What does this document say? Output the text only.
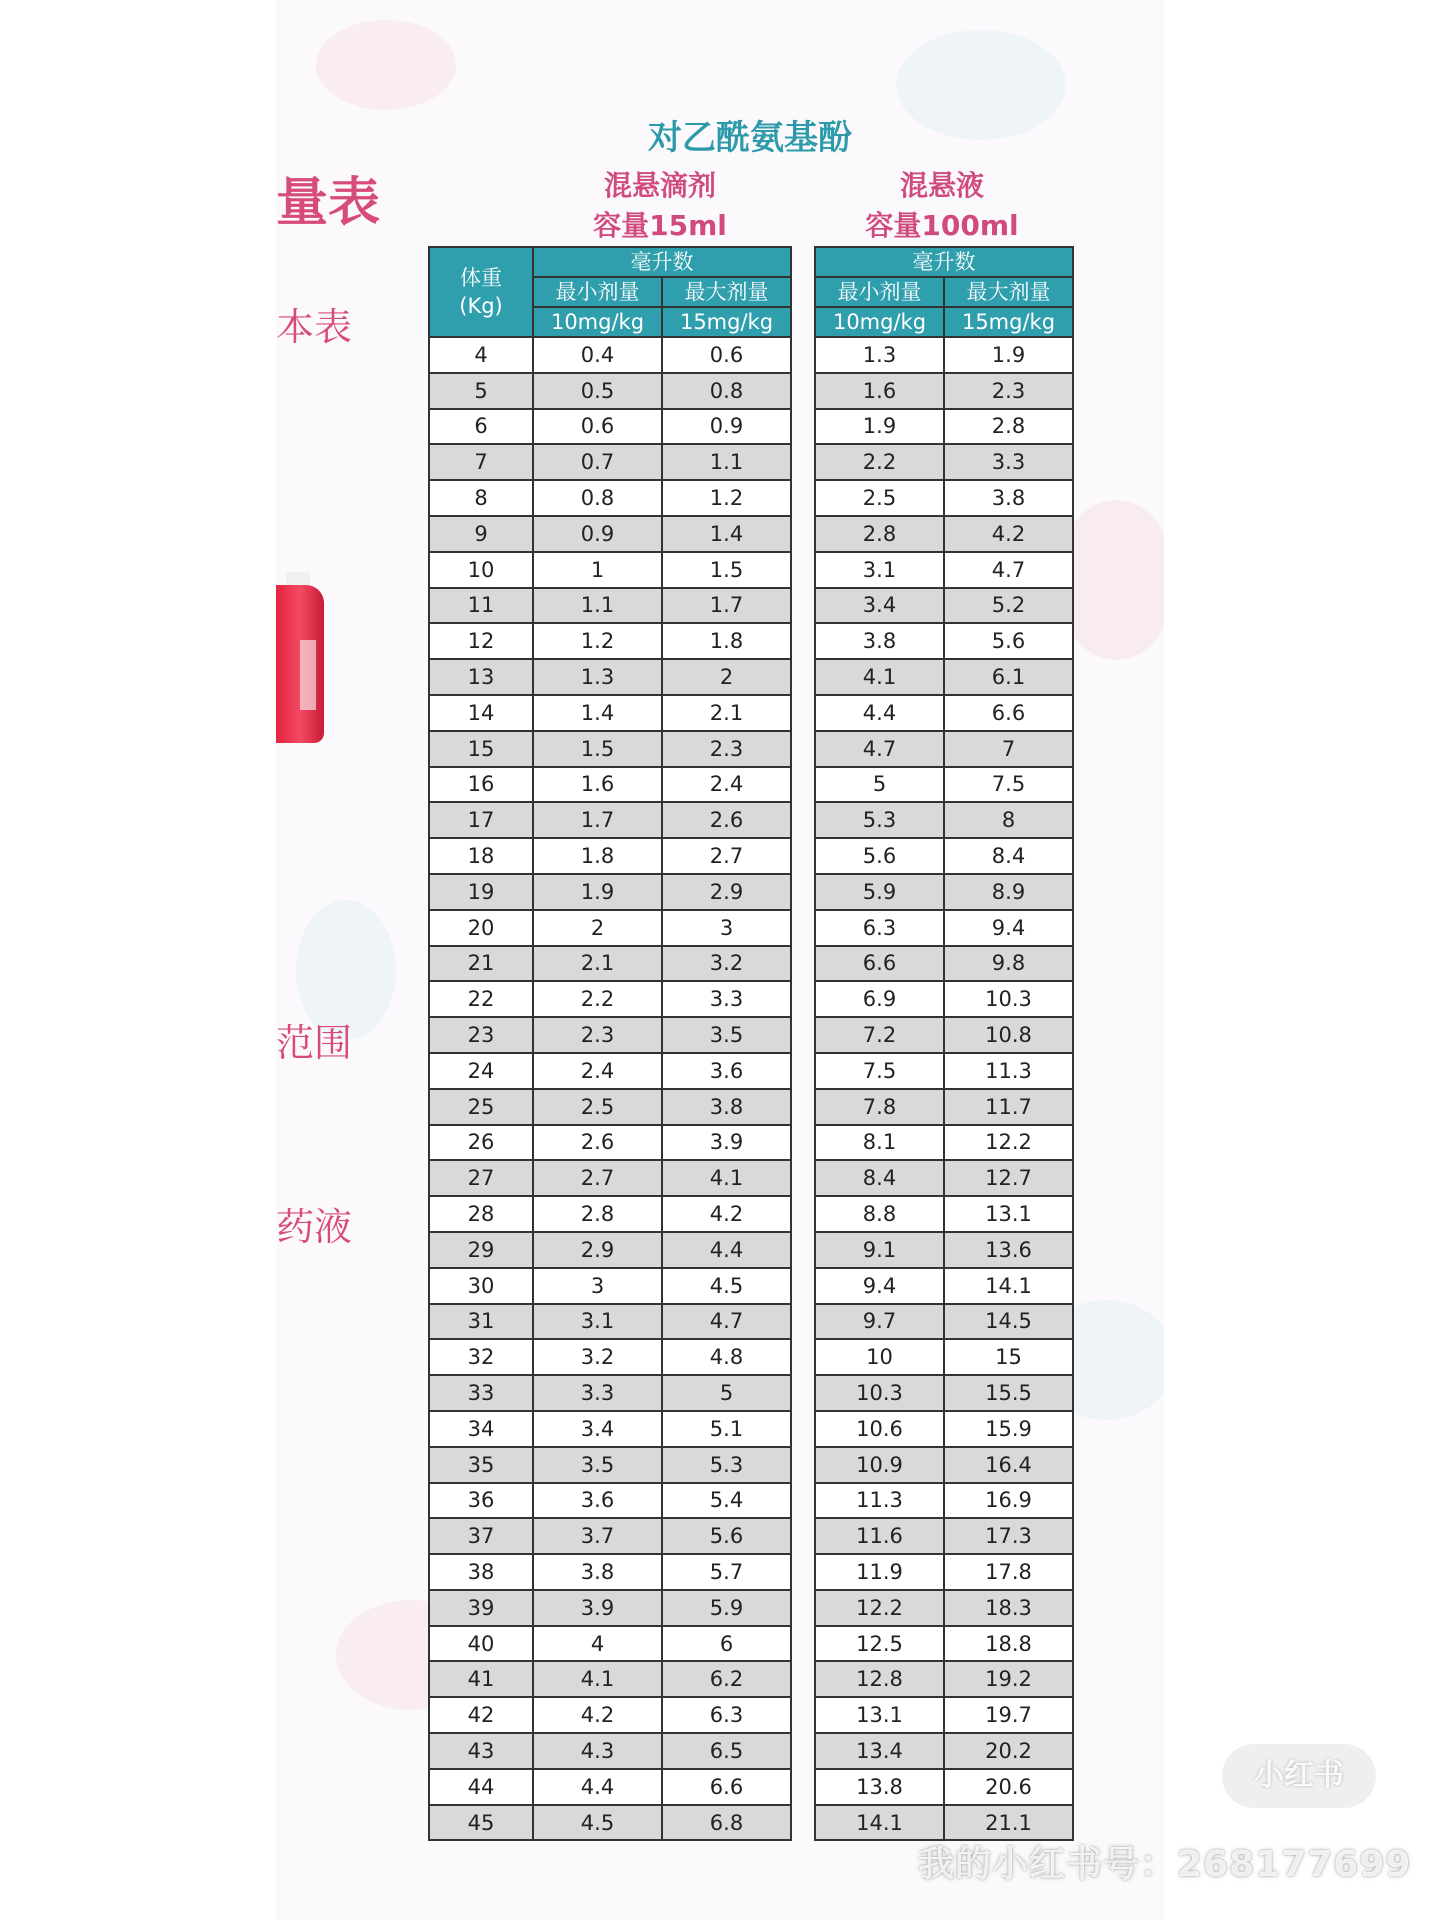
量表
本表
范围
药液
对乙酰氨基酚
混悬滴剂
容量15ml
混悬液
容量100ml
体重
(Kg)	毫升数	
	最小剂量	最大剂量
	10mg/kg	15mg/kg
4	0.4	0.6
5	0.5	0.8
6	0.6	0.9
7	0.7	1.1
8	0.8	1.2
9	0.9	1.4
10	1	1.5
11	1.1	1.7
12	1.2	1.8
13	1.3	2
14	1.4	2.1
15	1.5	2.3
16	1.6	2.4
17	1.7	2.6
18	1.8	2.7
19	1.9	2.9
20	2	3
21	2.1	3.2
22	2.2	3.3
23	2.3	3.5
24	2.4	3.6
25	2.5	3.8
26	2.6	3.9
27	2.7	4.1
28	2.8	4.2
29	2.9	4.4
30	3	4.5
31	3.1	4.7
32	3.2	4.8
33	3.3	5
34	3.4	5.1
35	3.5	5.3
36	3.6	5.4
37	3.7	5.6
38	3.8	5.7
39	3.9	5.9
40	4	6
41	4.1	6.2
42	4.2	6.3
43	4.3	6.5
44	4.4	6.6
45	4.5	6.8
毫升数	
最小剂量	最大剂量
10mg/kg	15mg/kg
1.3	1.9
1.6	2.3
1.9	2.8
2.2	3.3
2.5	3.8
2.8	4.2
3.1	4.7
3.4	5.2
3.8	5.6
4.1	6.1
4.4	6.6
4.7	7
5	7.5
5.3	8
5.6	8.4
5.9	8.9
6.3	9.4
6.6	9.8
6.9	10.3
7.2	10.8
7.5	11.3
7.8	11.7
8.1	12.2
8.4	12.7
8.8	13.1
9.1	13.6
9.4	14.1
9.7	14.5
10	15
10.3	15.5
10.6	15.9
10.9	16.4
11.3	16.9
11.6	17.3
11.9	17.8
12.2	18.3
12.5	18.8
12.8	19.2
13.1	19.7
13.4	20.2
13.8	20.6
14.1	21.1
小红书
我的小红书号：268177699
